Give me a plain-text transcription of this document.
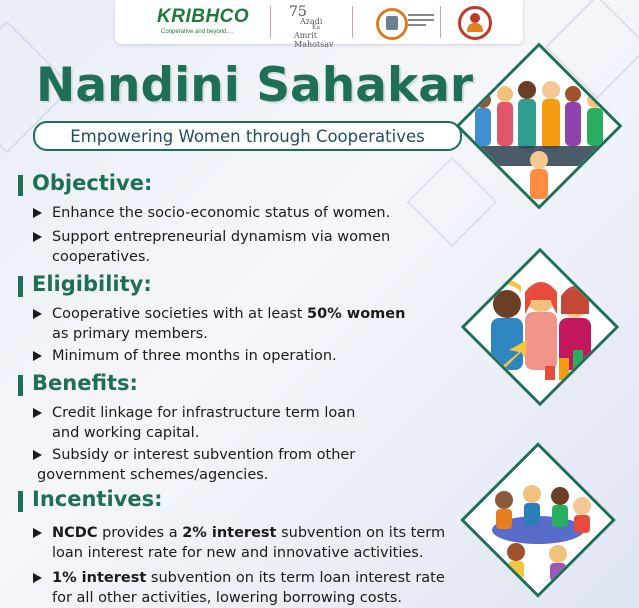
KRIBHCO
Cooperative and beyond....
75
Azadi
Ka
Amrit Mahotsav
Nandini Sahakar
Empowering Women through Cooperatives
Objective:
Enhance the socio-economic status of women.
Support entrepreneurial dynamism via women
cooperatives.
Eligibility:
Cooperative societies with at least 50% women
as primary members.
Minimum of three months in operation.
Benefits:
Credit linkage for infrastructure term loan
and working capital.
Subsidy or interest subvention from other
government schemes/agencies.
Incentives:
NCDC provides a 2% interest subvention on its term
loan interest rate for new and innovative activities.
1% interest subvention on its term loan interest rate
for all other activities, lowering borrowing costs.
